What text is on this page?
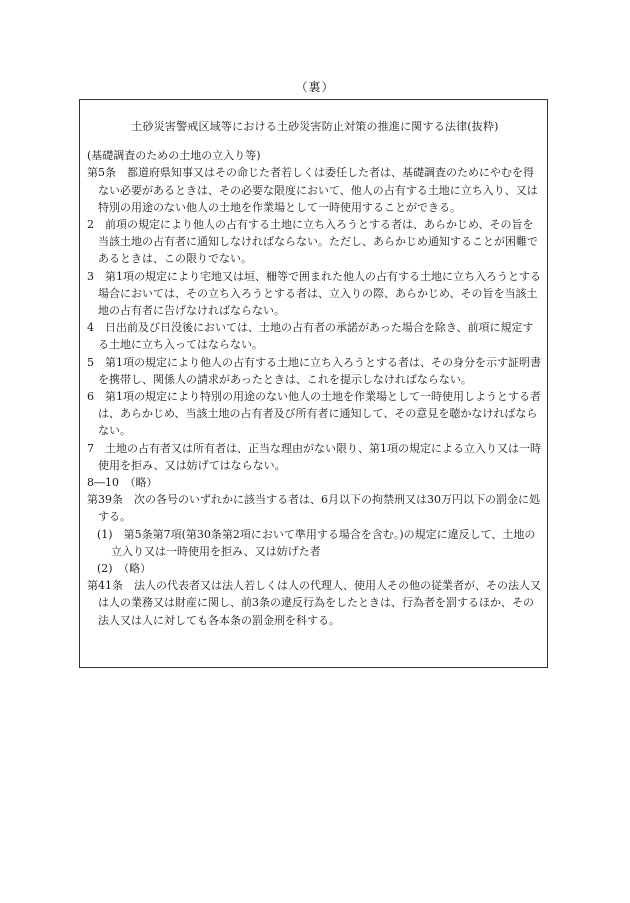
（裏）

土砂災害警戒区域等における土砂災害防止対策の推進に関する法律(抜粋)

(基礎調査のための土地の立入り等)

第5条　都道府県知事又はその命じた者若しくは委任した者は、基礎調査のためにやむを得ない必要があるときは、その必要な限度において、他人の占有する土地に立ち入り、又は特別の用途のない他人の土地を作業場として一時使用することができる。

2　前項の規定により他人の占有する土地に立ち入ろうとする者は、あらかじめ、その旨を当該土地の占有者に通知しなければならない。ただし、あらかじめ通知することが困難であるときは、この限りでない。

3　第1項の規定により宅地又は垣、柵等で囲まれた他人の占有する土地に立ち入ろうとする場合においては、その立ち入ろうとする者は、立入りの際、あらかじめ、その旨を当該土地の占有者に告げなければならない。

4　日出前及び日没後においては、土地の占有者の承諾があった場合を除き、前項に規定する土地に立ち入ってはならない。

5　第1項の規定により他人の占有する土地に立ち入ろうとする者は、その身分を示す証明書を携帯し、関係人の請求があったときは、これを提示しなければならない。

6　第1項の規定により特別の用途のない他人の土地を作業場として一時使用しようとする者は、あらかじめ、当該土地の占有者及び所有者に通知して、その意見を聴かなければならない。

7　土地の占有者又は所有者は、正当な理由がない限り、第1項の規定による立入り又は一時使用を拒み、又は妨げてはならない。

8―10　（略）

第39条　次の各号のいずれかに該当する者は、6月以下の拘禁刑又は30万円以下の罰金に処する。

(1)　第5条第7項(第30条第2項において準用する場合を含む。)の規定に違反して、土地の立入り又は一時使用を拒み、又は妨げた者

(2)　（略）

第41条　法人の代表者又は法人若しくは人の代理人、使用人その他の従業者が、その法人又は人の業務又は財産に関し、前3条の違反行為をしたときは、行為者を罰するほか、その法人又は人に対しても各本条の罰金刑を科する。
